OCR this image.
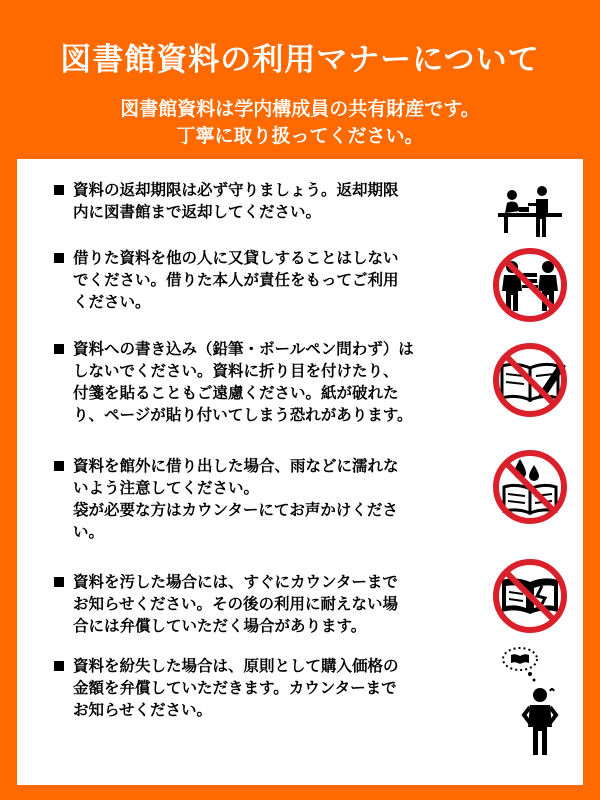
図書館資料の利用マナーについて
図書館資料は学内構成員の共有財産です。
丁寧に取り扱ってください。
資料の返却期限は必ず守りましょう。返却期限
内に図書館まで返却してください。
借りた資料を他の人に又貸しすることはしない
でください。借りた本人が責任をもってご利用
ください。
資料への書き込み（鉛筆・ボールペン問わず）は
しないでください。資料に折り目を付けたり、
付箋を貼ることもご遠慮ください。紙が破れた
り、ページが貼り付いてしまう恐れがあります。
資料を館外に借り出した場合、雨などに濡れな
いよう注意してください。
袋が必要な方はカウンターにてお声かけくださ
い。
資料を汚した場合には、すぐにカウンターまで
お知らせください。その後の利用に耐えない場
合には弁償していただく場合があります。
資料を紛失した場合は、原則として購入価格の
金額を弁償していただきます。カウンターまで
お知らせください。
